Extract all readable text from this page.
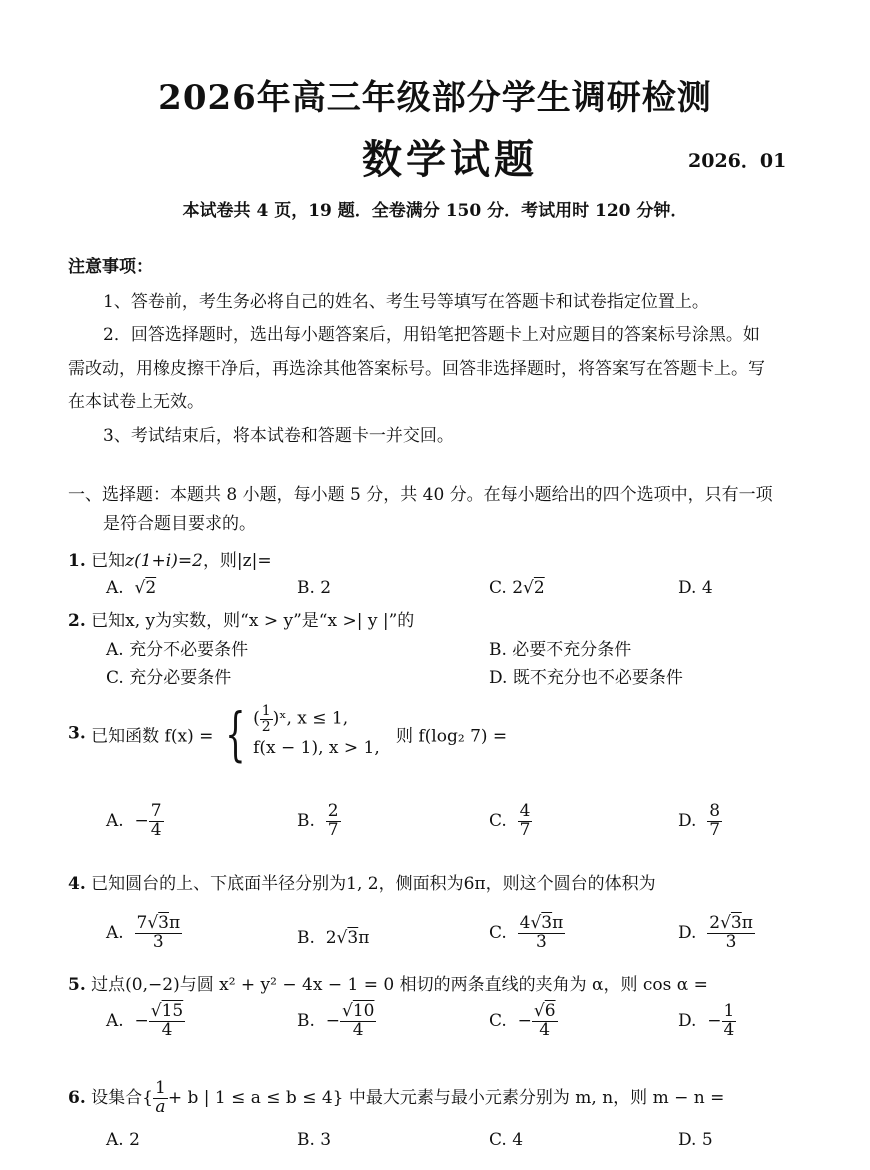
2026年高三年级部分学生调研检测
数学试题	2026．01
本试卷共 4 页，19 题．全卷满分 150 分．考试用时 120 分钟．
注意事项：
1、答卷前，考生务必将自己的姓名、考生号等填写在答题卡和试卷指定位置上。
2．回答选择题时，选出每小题答案后，用铅笔把答题卡上对应题目的答案标号涂黑。如
需改动，用橡皮擦干净后，再选涂其他答案标号。回答非选择题时，将答案写在答题卡上。写
在本试卷上无效。
3、考试结束后，将本试卷和答题卡一并交回。
一、选择题：本题共 8 小题，每小题 5 分，共 40 分。在每小题给出的四个选项中，只有一项
是符合题目要求的。
1. 已知z(1+i)=2，则|z|=
A.  √2	B. 2	C. 2√2	D. 4
2. 已知x, y为实数，则“x > y”是“x >| y |”的
A. 充分不必要条件	B. 必要不充分条件
C. 充分必要条件	D. 既不充分也不必要条件
3. 已知函数 f(x) = { ( $\frac{1}{2}$ )ˣ, x ≤ 1,
f(x − 1), x > 1,
则 f(log₂ 7) =
A. − $\frac{7}{4}$	B. $\frac{2}{7}$	C. $\frac{4}{7}$	D. $\frac{8}{7}$
4. 已知圆台的上、下底面半径分别为1, 2，侧面积为6π，则这个圆台的体积为
A. $\frac{7√3\pi}{3}$	B. 2√3π	C. $\frac{4√3\pi}{3}$	D. $\frac{2√3\pi}{3}$
5. 过点(0,−2)与圆 x² + y² − 4x − 1 = 0 相切的两条直线的夹角为 α，则 cos α =
A. − $\frac{√15}{4}$	B. − $\frac{√10}{4}$	C. − $\frac{√6}{4}$	D. − $\frac{1}{4}$
6. 设集合{ $\frac{1}{a}+ b$ | 1 ≤ a ≤ b ≤ 4} 中最大元素与最小元素分别为 m, n，则 m − n =
A. 2	B. 3	C. 4	D. 5
